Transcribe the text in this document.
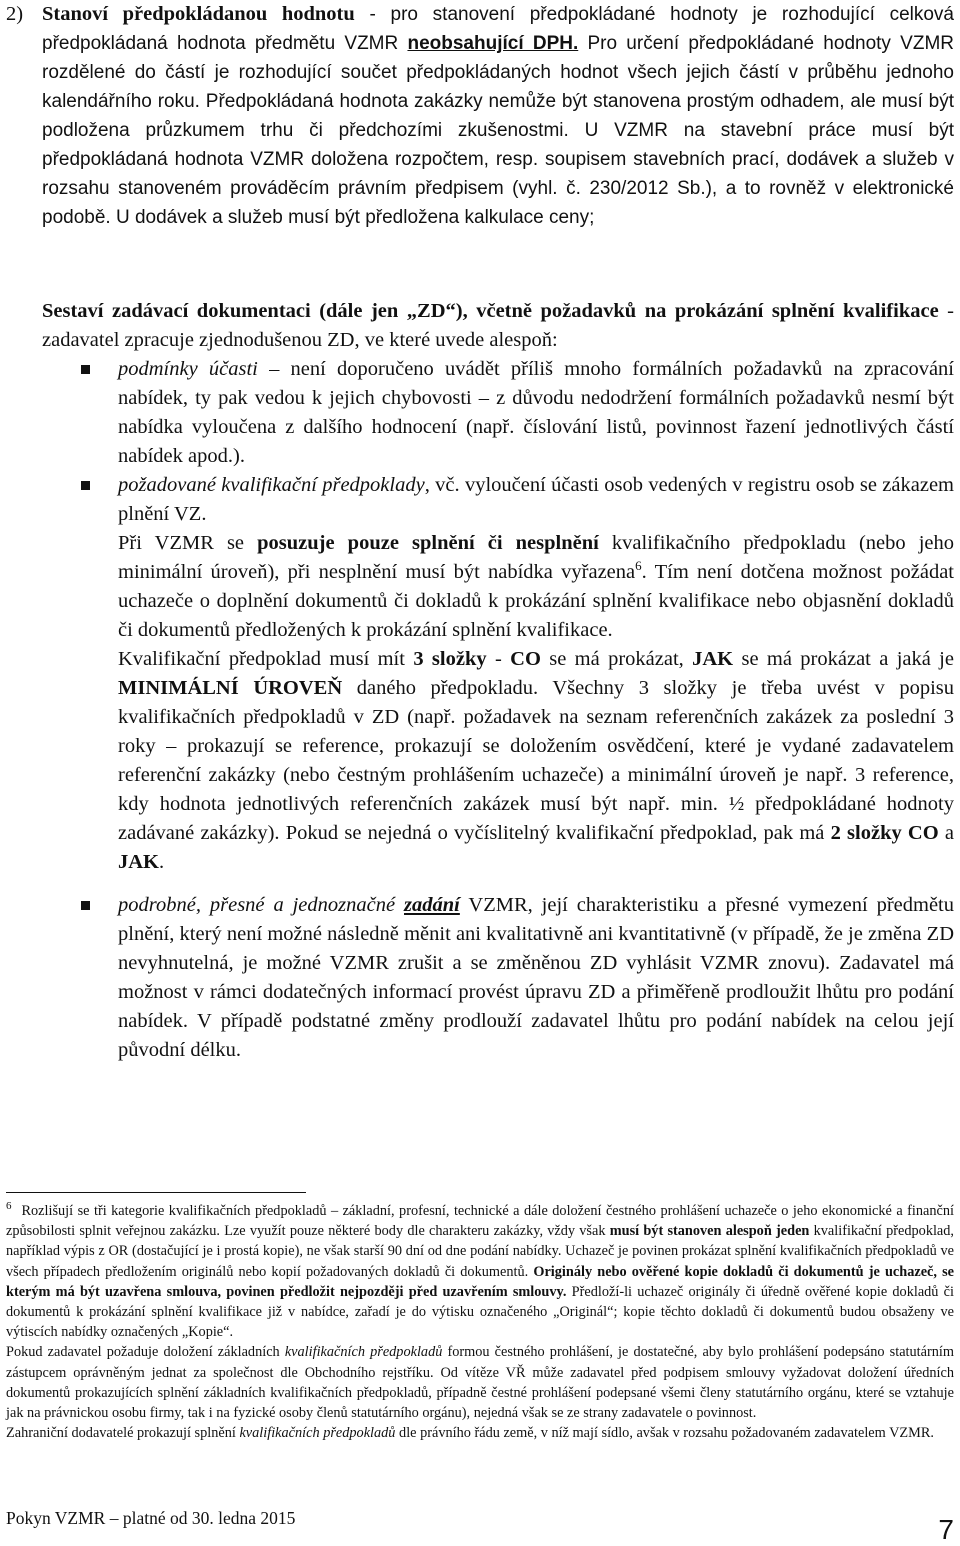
2) Stanoví předpokládanou hodnotu - pro stanovení předpokládané hodnoty je rozhodující celková předpokládaná hodnota předmětu VZMR neobsahující DPH. Pro určení předpokládané hodnoty VZMR rozdělené do částí je rozhodující součet předpokládaných hodnot všech jejich částí v průběhu jednoho kalendářního roku. Předpokládaná hodnota zakázky nemůže být stanovena prostým odhadem, ale musí být podložena průzkumem trhu či předchozími zkušenostmi. U VZMR na stavební práce musí být předpokládaná hodnota VZMR doložena rozpočtem, resp. soupisem stavebních prací, dodávek a služeb v rozsahu stanoveném prováděcím právním předpisem (vyhl. č. 230/2012 Sb.), a to rovněž v elektronické podobě. U dodávek a služeb musí být předložena kalkulace ceny;

Sestaví zadávací dokumentaci (dále jen „ZD“), včetně požadavků na prokázání splnění kvalifikace - zadavatel zpracuje zjednodušenou ZD, ve které uvede alespoň:

podmínky účasti – není doporučeno uvádět příliš mnoho formálních požadavků na zpracování nabídek, ty pak vedou k jejich chybovosti – z důvodu nedodržení formálních požadavků nesmí být nabídka vyloučena z dalšího hodnocení (např. číslování listů, povinnost řazení jednotlivých částí nabídek apod.).

požadované kvalifikační předpoklady, vč. vyloučení účasti osob vedených v registru osob se zákazem plnění VZ.

Při VZMR se posuzuje pouze splnění či nesplnění kvalifikačního předpokladu (nebo jeho minimální úroveň), při nesplnění musí být nabídka vyřazena$^6$. Tím není dotčena možnost požádat uchazeče o doplnění dokumentů či dokladů k prokázání splnění kvalifikace nebo objasnění dokladů či dokumentů předložených k prokázání splnění kvalifikace.

Kvalifikační předpoklad musí mít 3 složky - CO se má prokázat, JAK se má prokázat a jaká je MINIMÁLNÍ ÚROVEŇ daného předpokladu. Všechny 3 složky je třeba uvést v popisu kvalifikačních předpokladů v ZD (např. požadavek na seznam referenčních zakázek za poslední 3 roky – prokazují se reference, prokazují se doložením osvědčení, které je vydané zadavatelem referenční zakázky (nebo čestným prohlášením uchazeče) a minimální úroveň je např. 3 reference, kdy hodnota jednotlivých referenčních zakázek musí být např. min. ½ předpokládané hodnoty zadávané zakázky). Pokud se nejedná o vyčíslitelný kvalifikační předpoklad, pak má 2 složky CO a JAK.

podrobné, přesné a jednoznačné zadání VZMR, její charakteristiku a přesné vymezení předmětu plnění, který není možné následně měnit ani kvalitativně ani kvantitativně (v případě, že je změna ZD nevyhnutelná, je možné VZMR zrušit a se změněnou ZD vyhlásit VZMR znovu). Zadavatel má možnost v rámci dodatečných informací provést úpravu ZD a přiměřeně prodloužit lhůtu pro podání nabídek. V případě podstatné změny prodlouží zadavatel lhůtu pro podání nabídek na celou její původní délku.

$^6$ Rozlišují se tři kategorie kvalifikačních předpokladů – základní, profesní, technické a dále doložení čestného prohlášení uchazeče o jeho ekonomické a finanční způsobilosti splnit veřejnou zakázku. Lze využít pouze některé body dle charakteru zakázky, vždy však musí být stanoven alespoň jeden kvalifikační předpoklad, například výpis z OR (dostačující je i prostá kopie), ne však starší 90 dní od dne podání nabídky. Uchazeč je povinen prokázat splnění kvalifikačních předpokladů ve všech případech předložením originálů nebo kopií požadovaných dokladů či dokumentů. Originály nebo ověřené kopie dokladů či dokumentů je uchazeč, se kterým má být uzavřena smlouva, povinen předložit nejpozději před uzavřením smlouvy. Předloží-li uchazeč originály či úředně ověřené kopie dokladů či dokumentů k prokázání splnění kvalifikace již v nabídce, zařadí je do výtisku označeného „Originál“; kopie těchto dokladů či dokumentů budou obsaženy ve výtiscích nabídky označených „Kopie“.

Pokud zadavatel požaduje doložení základních kvalifikačních předpokladů formou čestného prohlášení, je dostatečné, aby bylo prohlášení podepsáno statutárním zástupcem oprávněným jednat za společnost dle Obchodního rejstříku. Od vítěze VŘ může zadavatel před podpisem smlouvy vyžadovat doložení úředních dokumentů prokazujících splnění základních kvalifikačních předpokladů, případně čestné prohlášení podepsané všemi členy statutárního orgánu, které se vztahuje jak na právnickou osobu firmy, tak i na fyzické osoby členů statutárního orgánu), nejedná však se ze strany zadavatele o povinnost.

Zahraniční dodavatelé prokazují splnění kvalifikačních předpokladů dle právního řádu země, v níž mají sídlo, avšak v rozsahu požadovaném zadavatelem VZMR.

Pokyn VZMR – platné od 30. ledna 2015	7
